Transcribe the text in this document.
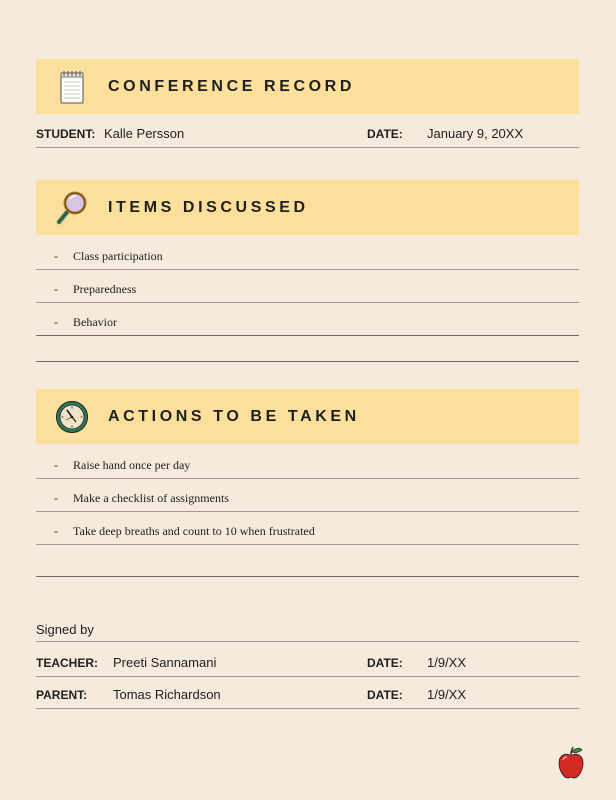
CONFERENCE RECORD
STUDENT: Kalle Persson	DATE: January 9, 20XX
ITEMS DISCUSSED
- Class participation
- Preparedness
- Behavior
ACTIONS TO BE TAKEN
- Raise hand once per day
- Make a checklist of assignments
- Take deep breaths and count to 10 when frustrated
Signed by
TEACHER: Preeti Sannamani	DATE: 1/9/XX
PARENT: Tomas Richardson	DATE: 1/9/XX
